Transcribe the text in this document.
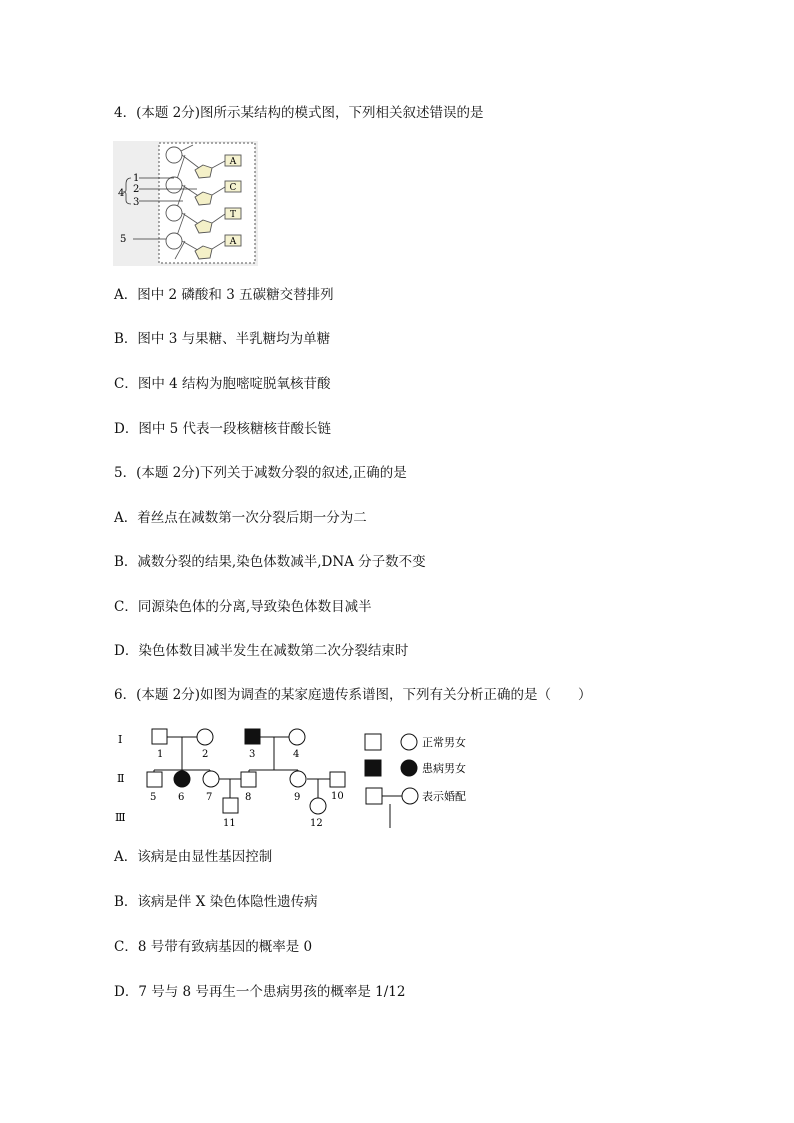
4．(本题 2分)图所示某结构的模式图，下列相关叙述错误的是
A
C
T
A
4
1
2
3
5
A．图中 2 磷酸和 3 五碳糖交替排列
B．图中 3 与果糖、半乳糖均为单糖
C．图中 4 结构为胞嘧啶脱氧核苷酸
D．图中 5 代表一段核糖核苷酸长链
5．(本题 2分)下列关于减数分裂的叙述,正确的是
A．着丝点在减数第一次分裂后期一分为二
B．减数分裂的结果,染色体数减半,DNA 分子数不变
C．同源染色体的分离,导致染色体数目减半
D．染色体数目减半发生在减数第二次分裂结束时
6．(本题 2分)如图为调查的某家庭遗传系谱图，下列有关分析正确的是（　　）
Ⅰ
Ⅱ
Ⅲ
1	2	3	4
5 6 7	8	9	10
11	12
正常男女
患病男女
表示婚配
A．该病是由显性基因控制
B．该病是伴 X 染色体隐性遗传病
C．8 号带有致病基因的概率是 0
D．7 号与 8 号再生一个患病男孩的概率是 1/12
